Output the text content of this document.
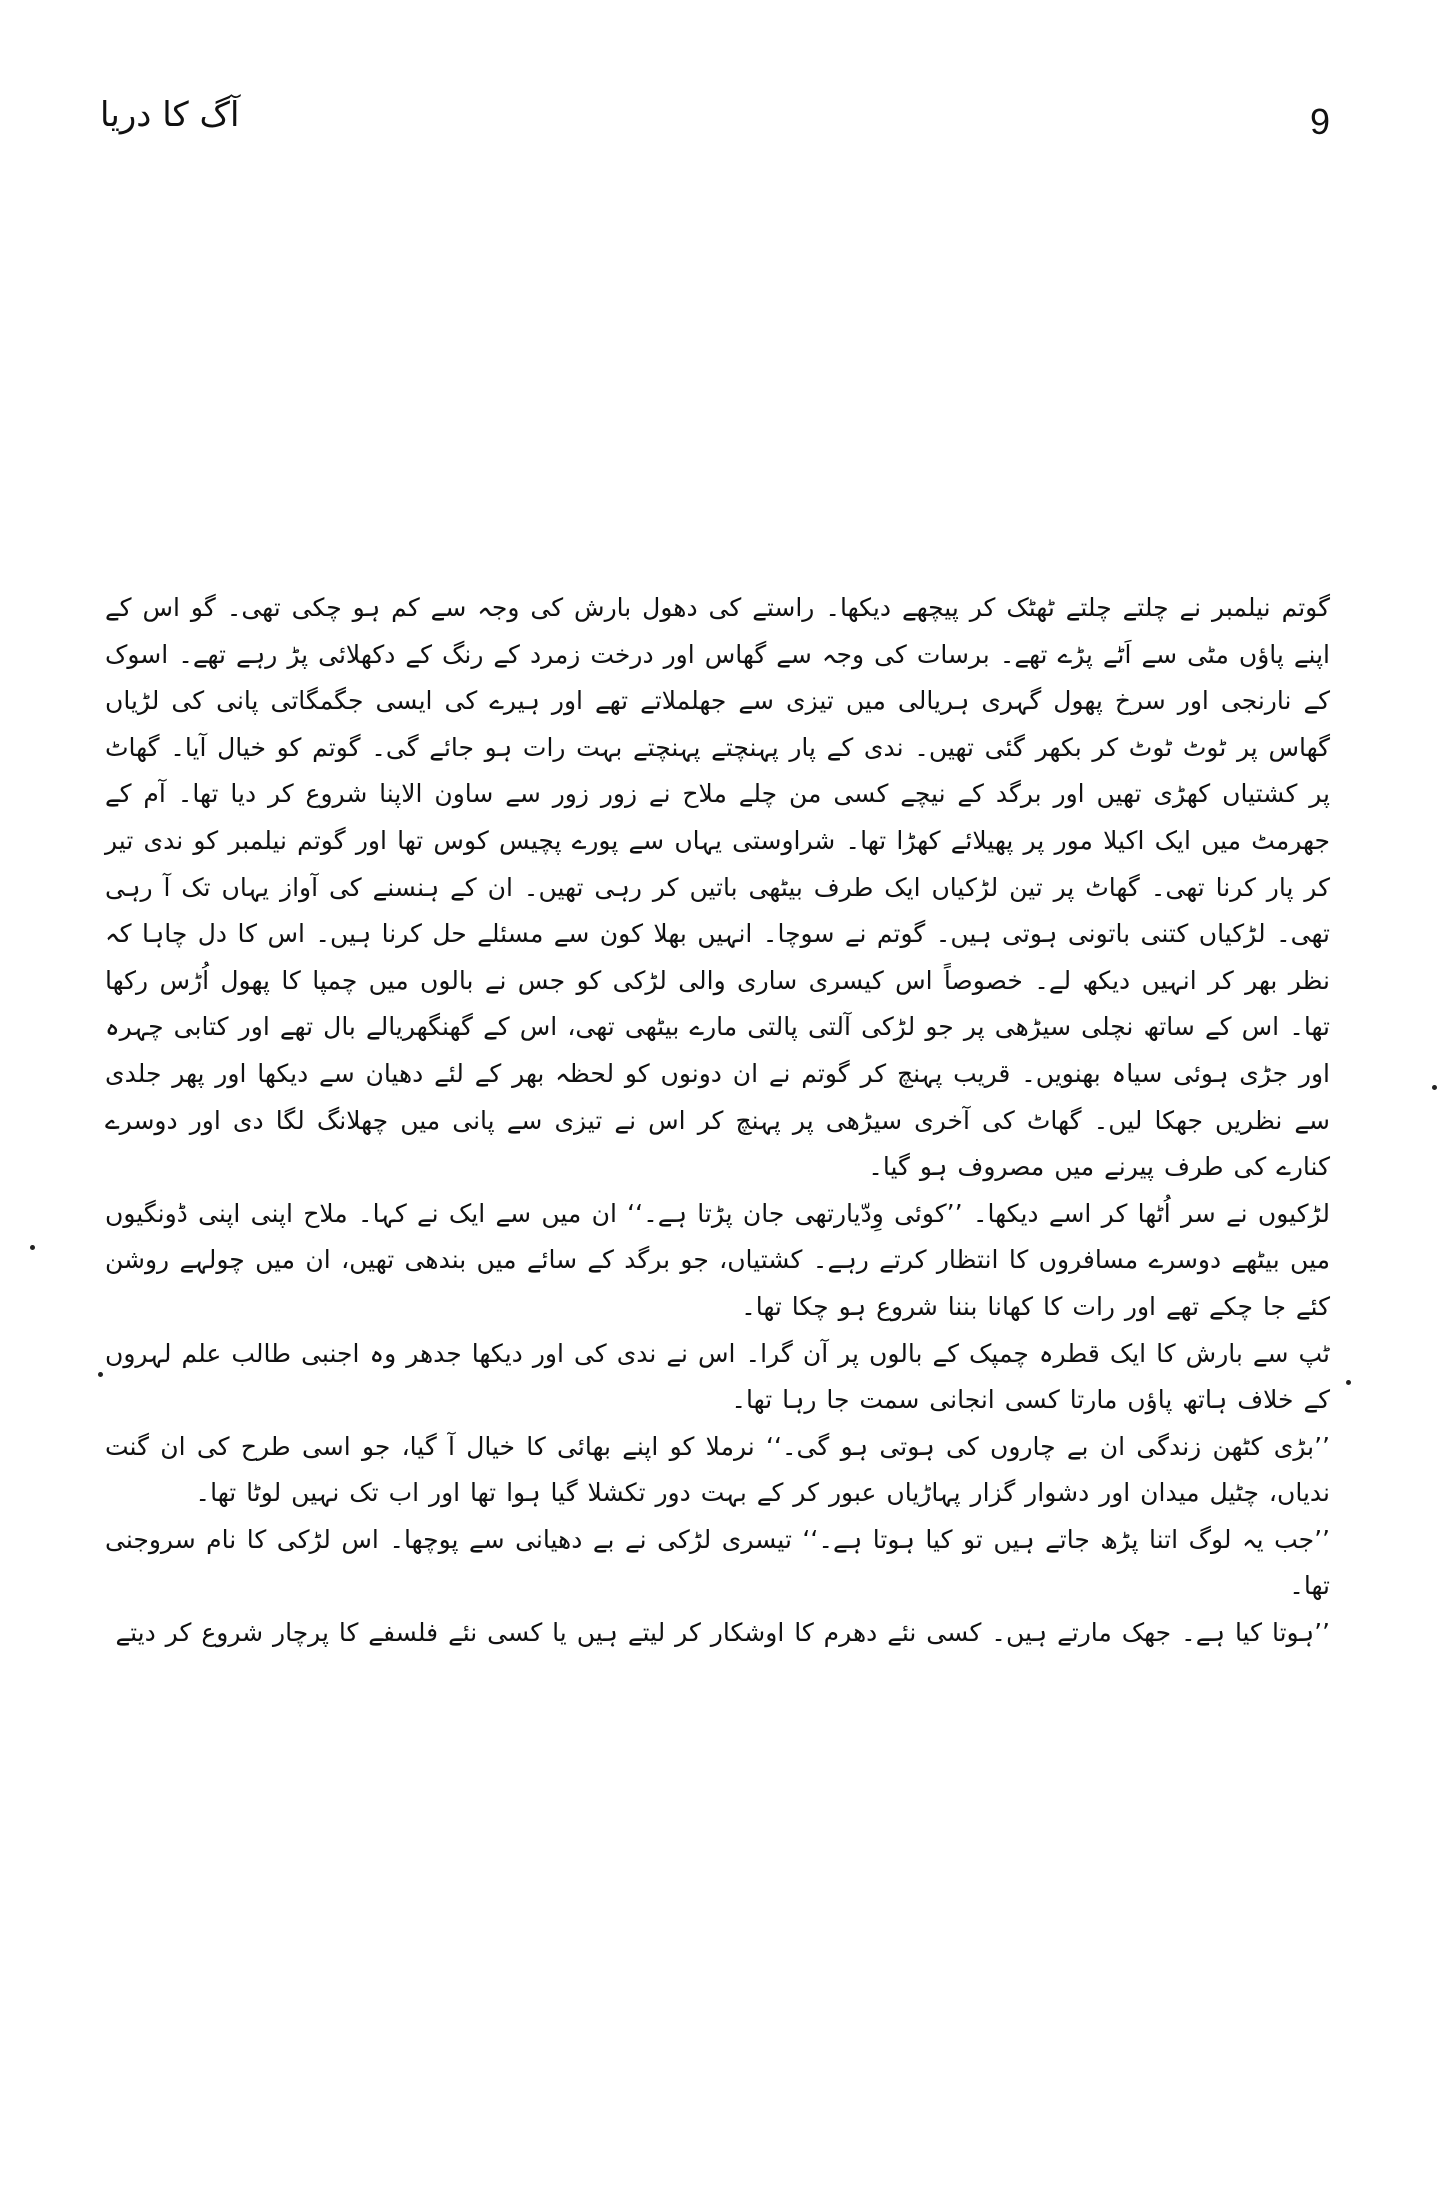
آگ کا دریا	9

گوتم نیلمبر نے چلتے چلتے ٹھٹک کر پیچھے دیکھا۔ راستے کی دھول بارش کی وجہ سے کم ہو چکی تھی۔ گو اس کے اپنے پاؤں مٹی سے اَٹے پڑے تھے۔ برسات کی وجہ سے گھاس اور درخت زمرد کے رنگ کے دکھلائی پڑ رہے تھے۔ اسوک کے نارنجی اور سرخ پھول گہری ہریالی میں تیزی سے جھلملاتے تھے اور ہیرے کی ایسی جگمگاتی پانی کی لڑیاں گھاس پر ٹوٹ ٹوٹ کر بکھر گئی تھیں۔ ندی کے پار پہنچتے پہنچتے بہت رات ہو جائے گی۔ گوتم کو خیال آیا۔ گھاٹ پر کشتیاں کھڑی تھیں اور برگد کے نیچے کسی من چلے ملاح نے زور زور سے ساون الاپنا شروع کر دیا تھا۔ آم کے جھرمٹ میں ایک اکیلا مور پر پھیلائے کھڑا تھا۔ شراوستی یہاں سے پورے پچیس کوس تھا اور گوتم نیلمبر کو ندی تیر کر پار کرنا تھی۔ گھاٹ پر تین لڑکیاں ایک طرف بیٹھی باتیں کر رہی تھیں۔ ان کے ہنسنے کی آواز یہاں تک آ رہی تھی۔ لڑکیاں کتنی باتونی ہوتی ہیں۔ گوتم نے سوچا۔ انہیں بھلا کون سے مسئلے حل کرنا ہیں۔ اس کا دل چاہا کہ نظر بھر کر انہیں دیکھ لے۔ خصوصاً اس کیسری ساری والی لڑکی کو جس نے بالوں میں چمپا کا پھول اُڑس رکھا تھا۔ اس کے ساتھ نچلی سیڑھی پر جو لڑکی آلتی پالتی مارے بیٹھی تھی، اس کے گھنگھریالے بال تھے اور کتابی چہرہ اور جڑی ہوئی سیاہ بھنویں۔ قریب پہنچ کر گوتم نے ان دونوں کو لحظہ بھر کے لئے دھیان سے دیکھا اور پھر جلدی سے نظریں جھکا لیں۔ گھاٹ کی آخری سیڑھی پر پہنچ کر اس نے تیزی سے پانی میں چھلانگ لگا دی اور دوسرے کنارے کی طرف پیرنے میں مصروف ہو گیا۔

لڑکیوں نے سر اُٹھا کر اسے دیکھا۔ ’’کوئی وِدّیارتھی جان پڑتا ہے۔‘‘ ان میں سے ایک نے کہا۔ ملاح اپنی اپنی ڈونگیوں میں بیٹھے دوسرے مسافروں کا انتظار کرتے رہے۔ کشتیاں، جو برگد کے سائے میں بندھی تھیں، ان میں چولہے روشن کئے جا چکے تھے اور رات کا کھانا بننا شروع ہو چکا تھا۔

ٹپ سے بارش کا ایک قطرہ چمپک کے بالوں پر آن گرا۔ اس نے ندی کی اور دیکھا جدھر وہ اجنبی طالب علم لہروں کے خلاف ہاتھ پاؤں مارتا کسی انجانی سمت جا رہا تھا۔

’’بڑی کٹھن زندگی ان بے چاروں کی ہوتی ہو گی۔‘‘ نرملا کو اپنے بھائی کا خیال آ گیا، جو اسی طرح کی ان گنت ندیاں، چٹیل میدان اور دشوار گزار پہاڑیاں عبور کر کے بہت دور تکشلا گیا ہوا تھا اور اب تک نہیں لوٹا تھا۔

’’جب یہ لوگ اتنا پڑھ جاتے ہیں تو کیا ہوتا ہے۔‘‘ تیسری لڑکی نے بے دھیانی سے پوچھا۔ اس لڑکی کا نام سروجنی تھا۔

’’ہوتا کیا ہے۔ جھک مارتے ہیں۔ کسی نئے دھرم کا اوشکار کر لیتے ہیں یا کسی نئے فلسفے کا پرچار شروع کر دیتے
